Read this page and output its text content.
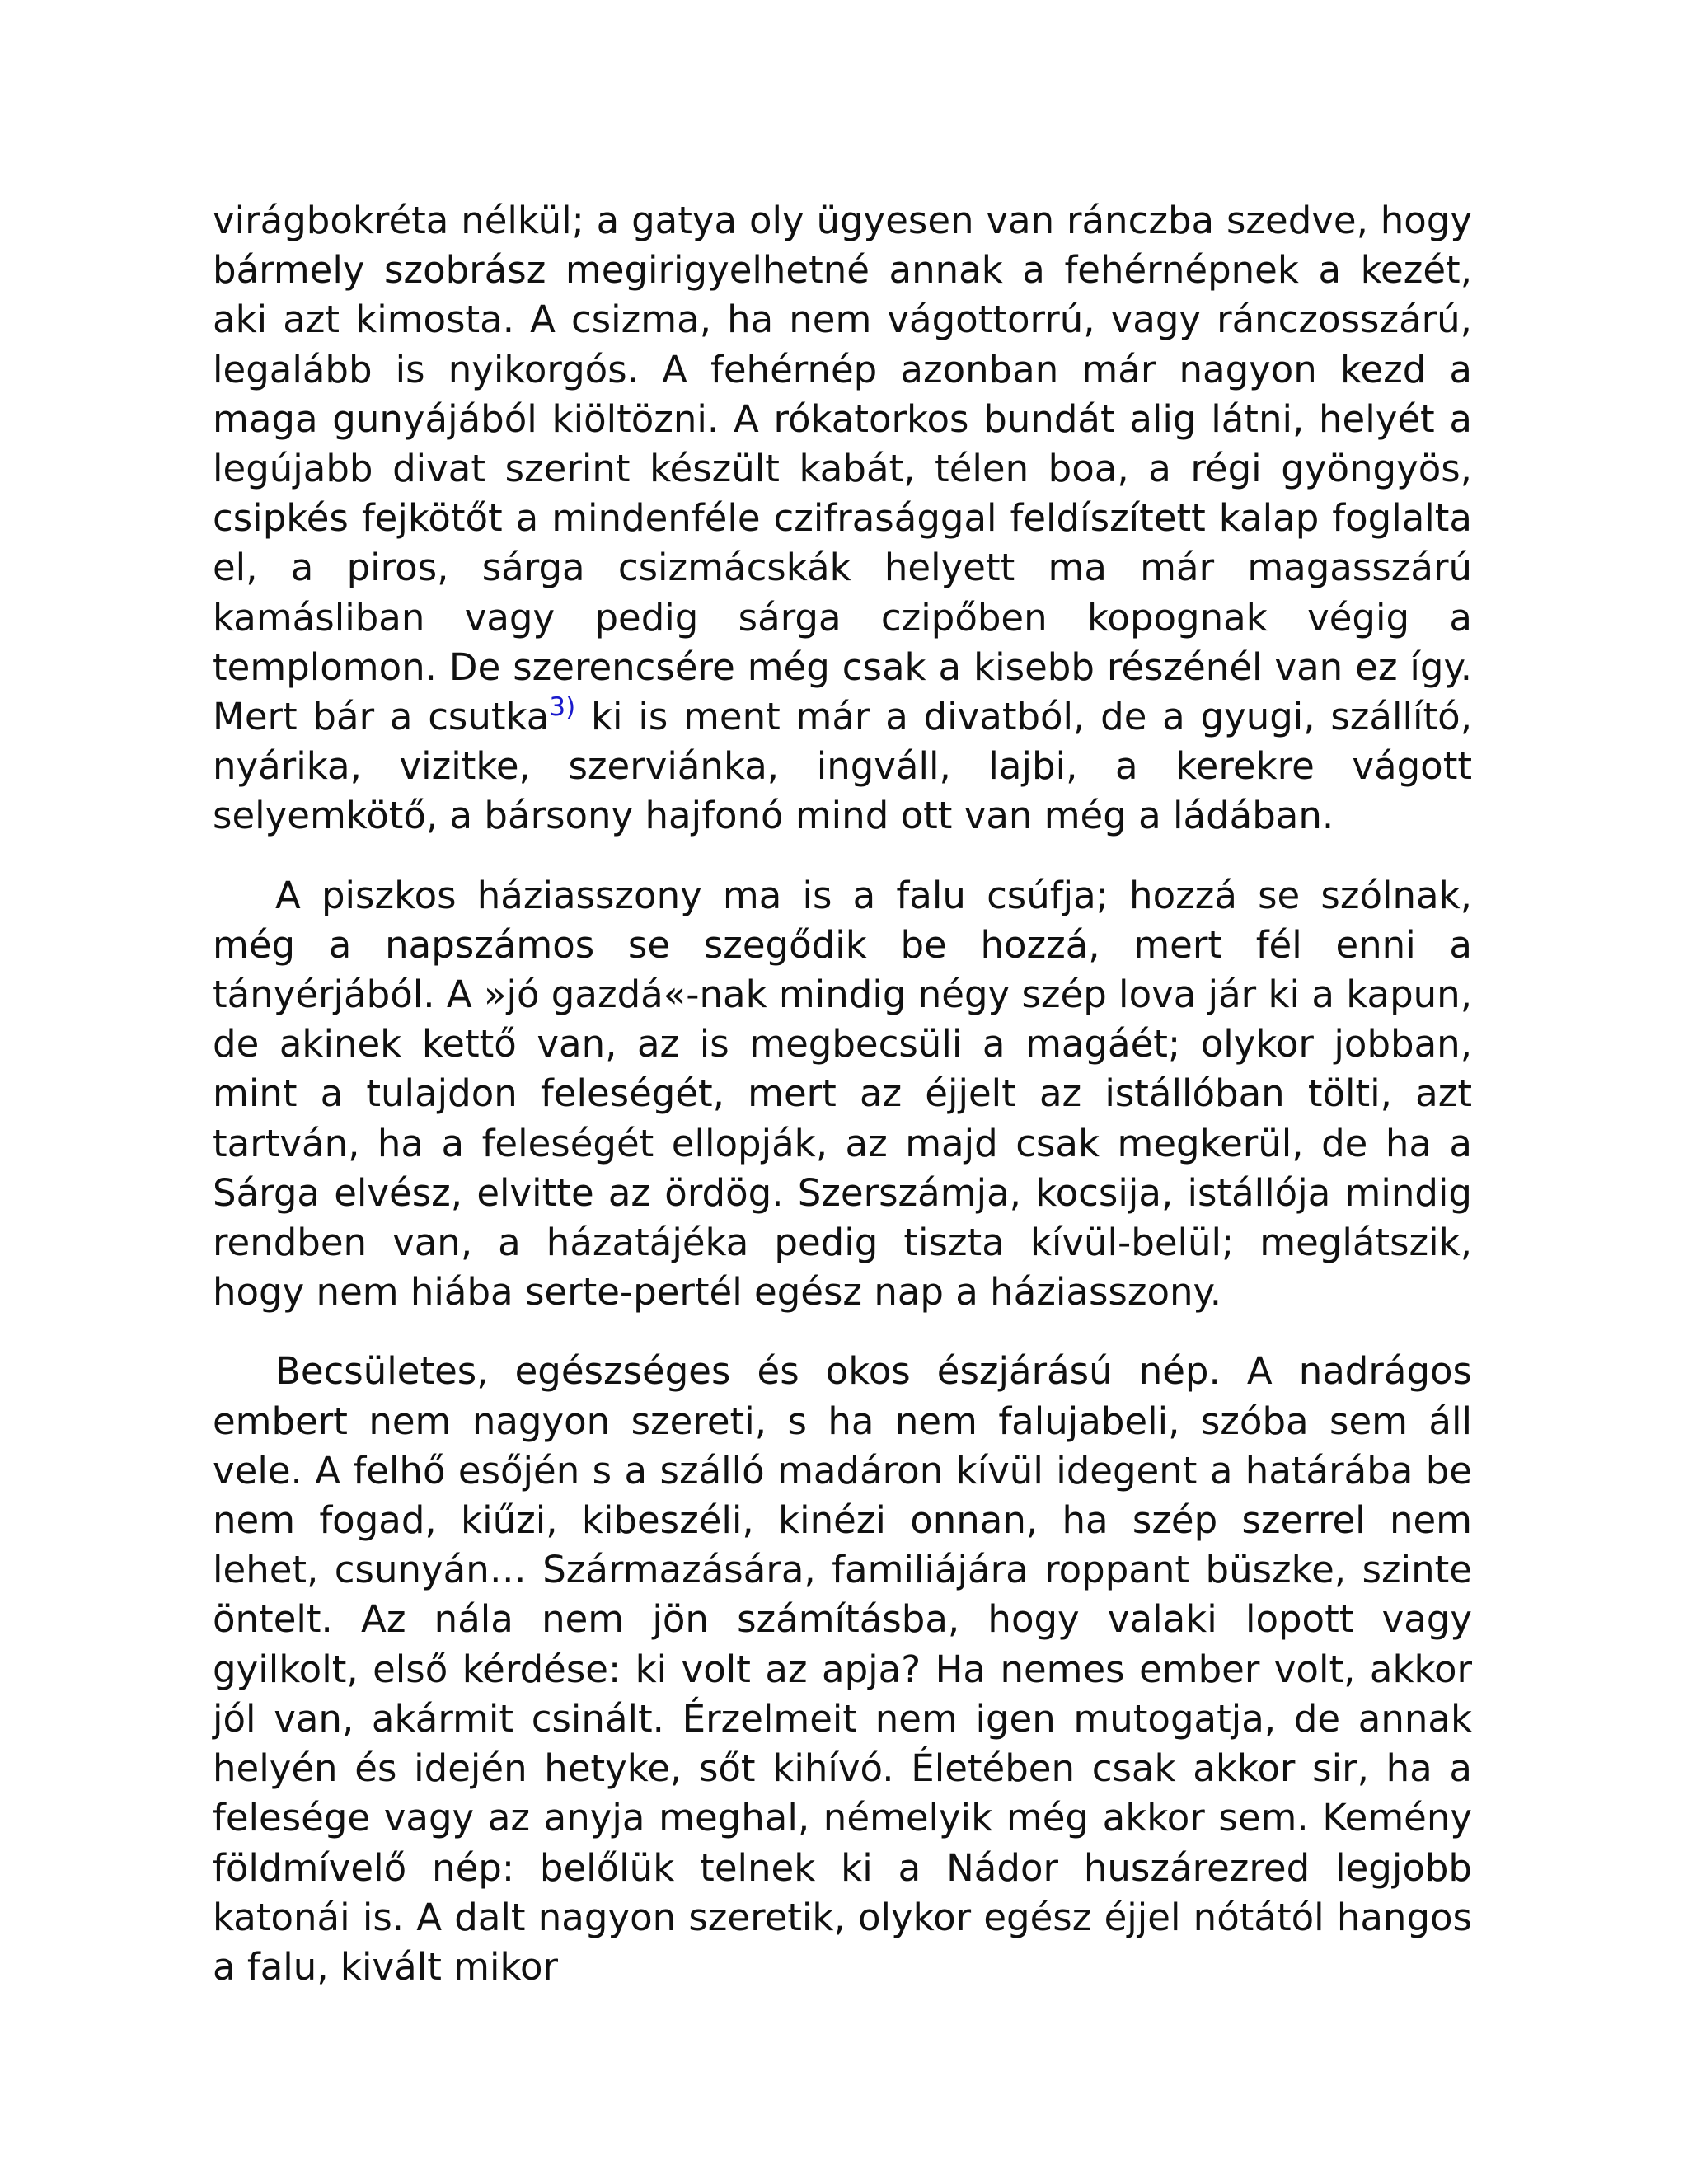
virágbokréta nélkül; a gatya oly ügyesen van ránczba szedve, hogy bármely szobrász megirigyelhetné annak a fehérnépnek a kezét, aki azt kimosta. A csizma, ha nem vágottorrú, vagy ránczosszárú, legalább is nyikorgós. A fehérnép azonban már nagyon kezd a maga gunyájából kiöltözni. A rókatorkos bundát alig látni, helyét a legújabb divat szerint készült kabát, télen boa, a régi gyöngyös, csipkés fejkötőt a mindenféle czifrasággal feldíszített kalap foglalta el, a piros, sárga csizmácskák helyett ma már magasszárú kamásliban vagy pedig sárga czipőben kopognak végig a templomon. De szerencsére még csak a kisebb részénél van ez így. Mert bár a csutka$^{3)}$ ki is ment már a divatból, de a gyugi, szállító, nyárika, vizitke, szerviánka, ingváll, lajbi, a kerekre vágott selyemkötő, a bársony hajfonó mind ott van még a ládában.

A piszkos háziasszony ma is a falu csúfja; hozzá se szólnak, még a napszámos se szegődik be hozzá, mert fél enni a tányérjából. A »jó gazdá«-nak mindig négy szép lova jár ki a kapun, de akinek kettő van, az is megbecsüli a magáét; olykor jobban, mint a tulajdon feleségét, mert az éjjelt az istállóban tölti, azt tartván, ha a feleségét ellopják, az majd csak megkerül, de ha a Sárga elvész, elvitte az ördög. Szerszámja, kocsija, istállója mindig rendben van, a házatájéka pedig tiszta kívül-belül; meglátszik, hogy nem hiába serte-pertél egész nap a háziasszony.

Becsületes, egészséges és okos észjárású nép. A nadrágos embert nem nagyon szereti, s ha nem falujabeli, szóba sem áll vele. A felhő esőjén s a szálló madáron kívül idegent a határába be nem fogad, kiűzi, kibeszéli, kinézi onnan, ha szép szerrel nem lehet, csunyán… Származására, familiájára roppant büszke, szinte öntelt. Az nála nem jön számításba, hogy valaki lopott vagy gyilkolt, első kérdése: ki volt az apja? Ha nemes ember volt, akkor jól van, akármit csinált. Érzelmeit nem igen mutogatja, de annak helyén és idején hetyke, sőt kihívó. Életében csak akkor sir, ha a felesége vagy az anyja meghal, némelyik még akkor sem. Kemény földmívelő nép: belőlük telnek ki a Nádor huszárezred legjobb katonái is. A dalt nagyon szeretik, olykor egész éjjel nótától hangos a falu, kivált mikor
